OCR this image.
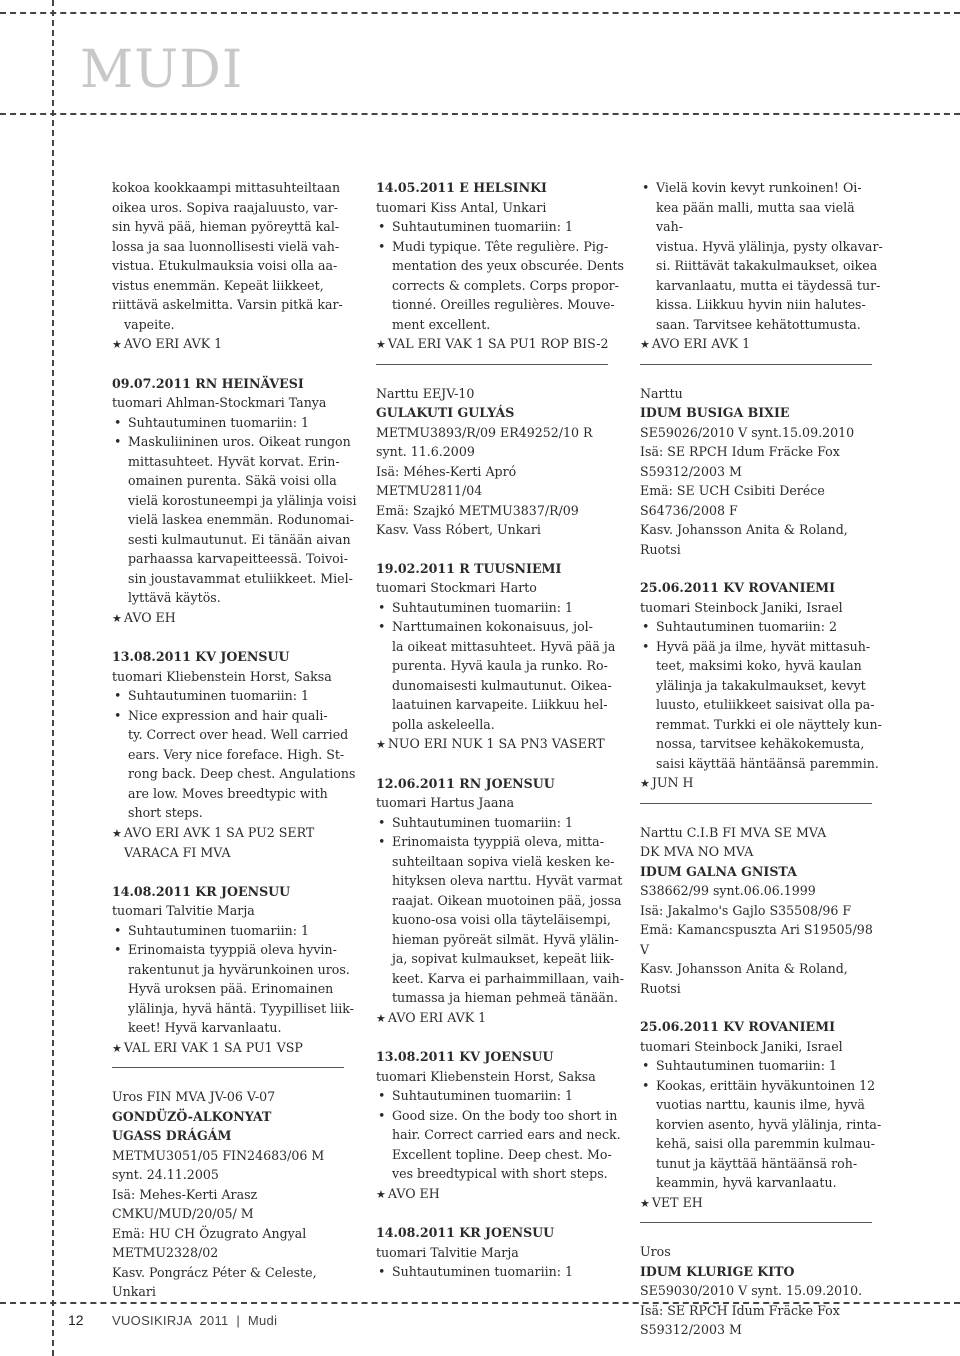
MUDI

kokoa kookkaampi mittasuhteiltaan

oikea uros. Sopiva raajaluusto, var-

sin hyvä pää, hieman pyöreyttä kal-

lossa ja saa luonnollisesti vielä vah-

vistua. Etukulmauksia voisi olla aa-

vistus enemmän. Kepeät liikkeet,

riittävä askelmitta. Varsin pitkä kar-

vapeite.

★ AVO ERI AVK 1

09.07.2011 RN HEINÄVESI

tuomari Ahlman-Stockmari Tanya

• Suhtautuminen tuomariin: 1

• Maskuliininen uros. Oikeat rungon
mittasuhteet. Hyvät korvat. Erin-
omainen purenta. Säkä voisi olla
vielä korostuneempi ja ylälinja voisi
vielä laskea enemmän. Rodunomai-
sesti kulmautunut. Ei tänään aivan
parhaassa karvapeitteessä. Toivoi-
sin joustavammat etuliikkeet. Miel-
lyttävä käytös.

★ AVO EH

13.08.2011 KV JOENSUU

tuomari Kliebenstein Horst, Saksa

• Suhtautuminen tuomariin: 1

• Nice expression and hair quali-
ty. Correct over head. Well carried
ears. Very nice foreface. High. St-
rong back. Deep chest. Angulations
are low. Moves breedtypic with
short steps.

★ AVO ERI AVK 1 SA PU2 SERT

VARACA FI MVA

14.08.2011 KR JOENSUU

tuomari Talvitie Marja

• Suhtautuminen tuomariin: 1

• Erinomaista tyyppiä oleva hyvin-
rakentunut ja hyvärunkoinen uros.
Hyvä uroksen pää. Erinomainen
ylälinja, hyvä häntä. Tyypilliset liik-
keet! Hyvä karvanlaatu.

★ VAL ERI VAK 1 SA PU1 VSP

Uros FIN MVA JV-06 V-07

GONDÜZÖ-ALKONYAT

UGASS DRÁGÁM

METMU3051/05 FIN24683/06 M

synt. 24.11.2005

Isä: Mehes-Kerti Arasz

CMKU/MUD/20/05/ M

Emä: HU CH Özugrato Angyal

METMU2328/02

Kasv. Pongrácz Péter & Celeste, Unkari

14.05.2011 E HELSINKI

tuomari Kiss Antal, Unkari

• Suhtautuminen tuomariin: 1

• Mudi typique. Tête regulière. Pig-
mentation des yeux obscurée. Dents
corrects & complets. Corps propor-
tionné. Oreilles regulières. Mouve-
ment excellent.

★ VAL ERI VAK 1 SA PU1 ROP BIS-2

Narttu EEJV-10

GULAKUTI GULYÁS

METMU3893/R/09 ER49252/10 R

synt. 11.6.2009

Isä: Méhes-Kerti Apró

METMU2811/04

Emä: Szajkó METMU3837/R/09

Kasv. Vass Róbert, Unkari

19.02.2011 R TUUSNIEMI

tuomari Stockmari Harto

• Suhtautuminen tuomariin: 1

• Narttumainen kokonaisuus, jol-
la oikeat mittasuhteet. Hyvä pää ja
purenta. Hyvä kaula ja runko. Ro-
dunomaisesti kulmautunut. Oikea-
laatuinen karvapeite. Liikkuu hel-
polla askeleella.

★ NUO ERI NUK 1 SA PN3 VASERT

12.06.2011 RN JOENSUU

tuomari Hartus Jaana

• Suhtautuminen tuomariin: 1

• Erinomaista tyyppiä oleva, mitta-
suhteiltaan sopiva vielä kesken ke-
hityksen oleva narttu. Hyvät varmat
raajat. Oikean muotoinen pää, jossa
kuono-osa voisi olla täyteläisempi,
hieman pyöreät silmät. Hyvä ylälin-
ja, sopivat kulmaukset, kepeät liik-
keet. Karva ei parhaimmillaan, vaih-
tumassa ja hieman pehmeä tänään.

★ AVO ERI AVK 1

13.08.2011 KV JOENSUU

tuomari Kliebenstein Horst, Saksa

• Suhtautuminen tuomariin: 1

• Good size. On the body too short in
hair. Correct carried ears and neck.
Excellent topline. Deep chest. Mo-
ves breedtypical with short steps.

★ AVO EH

14.08.2011 KR JOENSUU

tuomari Talvitie Marja

• Suhtautuminen tuomariin: 1

• Vielä kovin kevyt runkoinen! Oi-
kea pään malli, mutta saa vielä vah-
vistua. Hyvä ylälinja, pysty olkavar-
si. Riittävät takakulmaukset, oikea
karvanlaatu, mutta ei täydessä tur-
kissa. Liikkuu hyvin niin halutes-
saan. Tarvitsee kehätottumusta.

★ AVO ERI AVK 1

Narttu

IDUM BUSIGA BIXIE

SE59026/2010 V synt.15.09.2010

Isä: SE RPCH Idum Fräcke Fox

S59312/2003 M

Emä: SE UCH Csibiti Deréce

S64736/2008 F

Kasv. Johansson Anita & Roland, Ruotsi

25.06.2011 KV ROVANIEMI

tuomari Steinbock Janiki, Israel

• Suhtautuminen tuomariin: 2

• Hyvä pää ja ilme, hyvät mittasuh-
teet, maksimi koko, hyvä kaulan
ylälinja ja takakulmaukset, kevyt
luusto, etuliikkeet saisivat olla pa-
remmat. Turkki ei ole näyttely kun-
nossa, tarvitsee kehäkokemusta,
saisi käyttää häntäänsä paremmin.

★ JUN H

Narttu C.I.B FI MVA SE MVA

DK MVA NO MVA

IDUM GALNA GNISTA

S38662/99 synt.06.06.1999

Isä: Jakalmo's Gajlo S35508/96 F

Emä: Kamancspuszta Ari S19505/98 V

Kasv. Johansson Anita & Roland, Ruotsi

25.06.2011 KV ROVANIEMI

tuomari Steinbock Janiki, Israel

• Suhtautuminen tuomariin: 1

• Kookas, erittäin hyväkuntoinen 12
vuotias narttu, kaunis ilme, hyvä
korvien asento, hyvä ylälinja, rinta-
kehä, saisi olla paremmin kulmau-
tunut ja käyttää häntäänsä roh-
keammin, hyvä karvanlaatu.

★ VET EH

Uros

IDUM KLURIGE KITO

SE59030/2010 V synt. 15.09.2010.

Isä: SE RPCH Idum Fräcke Fox

S59312/2003 M

12 VUOSIKIRJA  2011  |  Mudi
